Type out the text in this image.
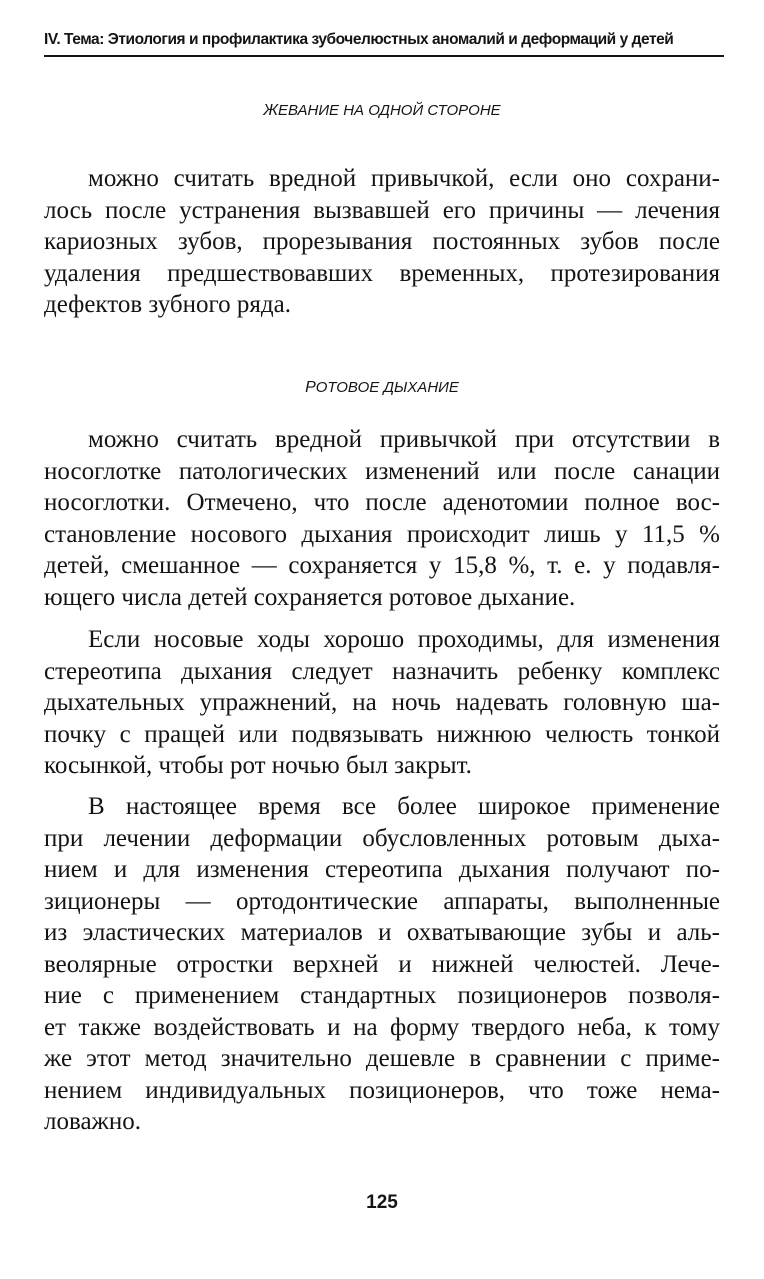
IV. Тема: Этиология и профилактика зубочелюстных аномалий и деформаций у детей
ЖЕВАНИЕ НА ОДНОЙ СТОРОНЕ
можно считать вредной привычкой, если оно сохрани-
лось после устранения вызвавшей его причины — лечения
кариозных зубов, прорезывания постоянных зубов после
удаления предшествовавших временных, протезирования
дефектов зубного ряда.
РОТОВОЕ ДЫХАНИЕ
можно считать вредной привычкой при отсутствии в
носоглотке патологических изменений или после санации
носоглотки. Отмечено, что после аденотомии полное вос-
становление носового дыхания происходит лишь у 11,5 %
детей, смешанное — сохраняется у 15,8 %, т. е. у подавля-
ющего числа детей сохраняется ротовое дыхание.
Если носовые ходы хорошо проходимы, для изменения
стереотипа дыхания следует назначить ребенку комплекс
дыхательных упражнений, на ночь надевать головную ша-
почку с пращей или подвязывать нижнюю челюсть тонкой
косынкой, чтобы рот ночью был закрыт.
В настоящее время все более широкое применение
при лечении деформации обусловленных ротовым дыха-
нием и для изменения стереотипа дыхания получают по-
зиционеры — ортодонтические аппараты, выполненные
из эластических материалов и охватывающие зубы и аль-
веолярные отростки верхней и нижней челюстей. Лече-
ние с применением стандартных позиционеров позволя-
ет также воздействовать и на форму твердого неба, к тому
же этот метод значительно дешевле в сравнении с приме-
нением индивидуальных позиционеров, что тоже нема-
ловажно.
125
